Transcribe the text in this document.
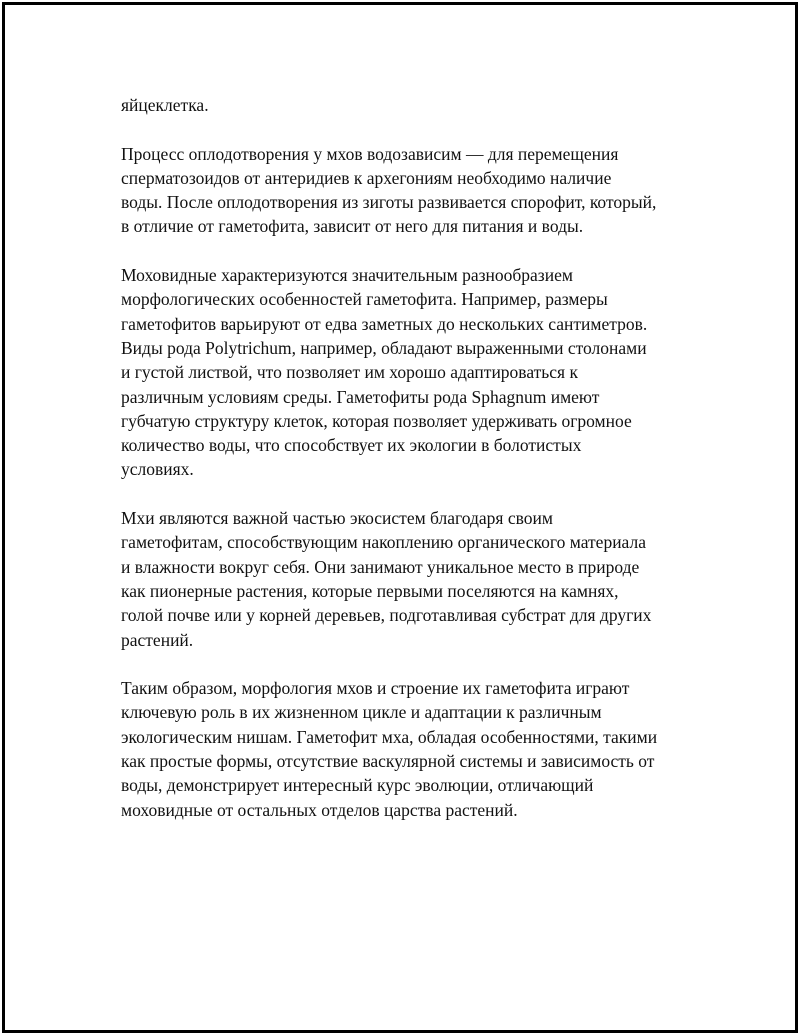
яйцеклетка.
Процесс оплодотворения у мхов водозависим — для перемещения
сперматозоидов от антеридиев к архегониям необходимо наличие
воды. После оплодотворения из зиготы развивается спорофит, который,
в отличие от гаметофита, зависит от него для питания и воды.
Моховидные характеризуются значительным разнообразием
морфологических особенностей гаметофита. Например, размеры
гаметофитов варьируют от едва заметных до нескольких сантиметров.
Виды рода Polytrichum, например, обладают выраженными столонами
и густой листвой, что позволяет им хорошо адаптироваться к
различным условиям среды. Гаметофиты рода Sphagnum имеют
губчатую структуру клеток, которая позволяет удерживать огромное
количество воды, что способствует их экологии в болотистых
условиях.
Мхи являются важной частью экосистем благодаря своим
гаметофитам, способствующим накоплению органического материала
и влажности вокруг себя. Они занимают уникальное место в природе
как пионерные растения, которые первыми поселяются на камнях,
голой почве или у корней деревьев, подготавливая субстрат для других
растений.
Таким образом, морфология мхов и строение их гаметофита играют
ключевую роль в их жизненном цикле и адаптации к различным
экологическим нишам. Гаметофит мха, обладая особенностями, такими
как простые формы, отсутствие васкулярной системы и зависимость от
воды, демонстрирует интересный курс эволюции, отличающий
моховидные от остальных отделов царства растений.
